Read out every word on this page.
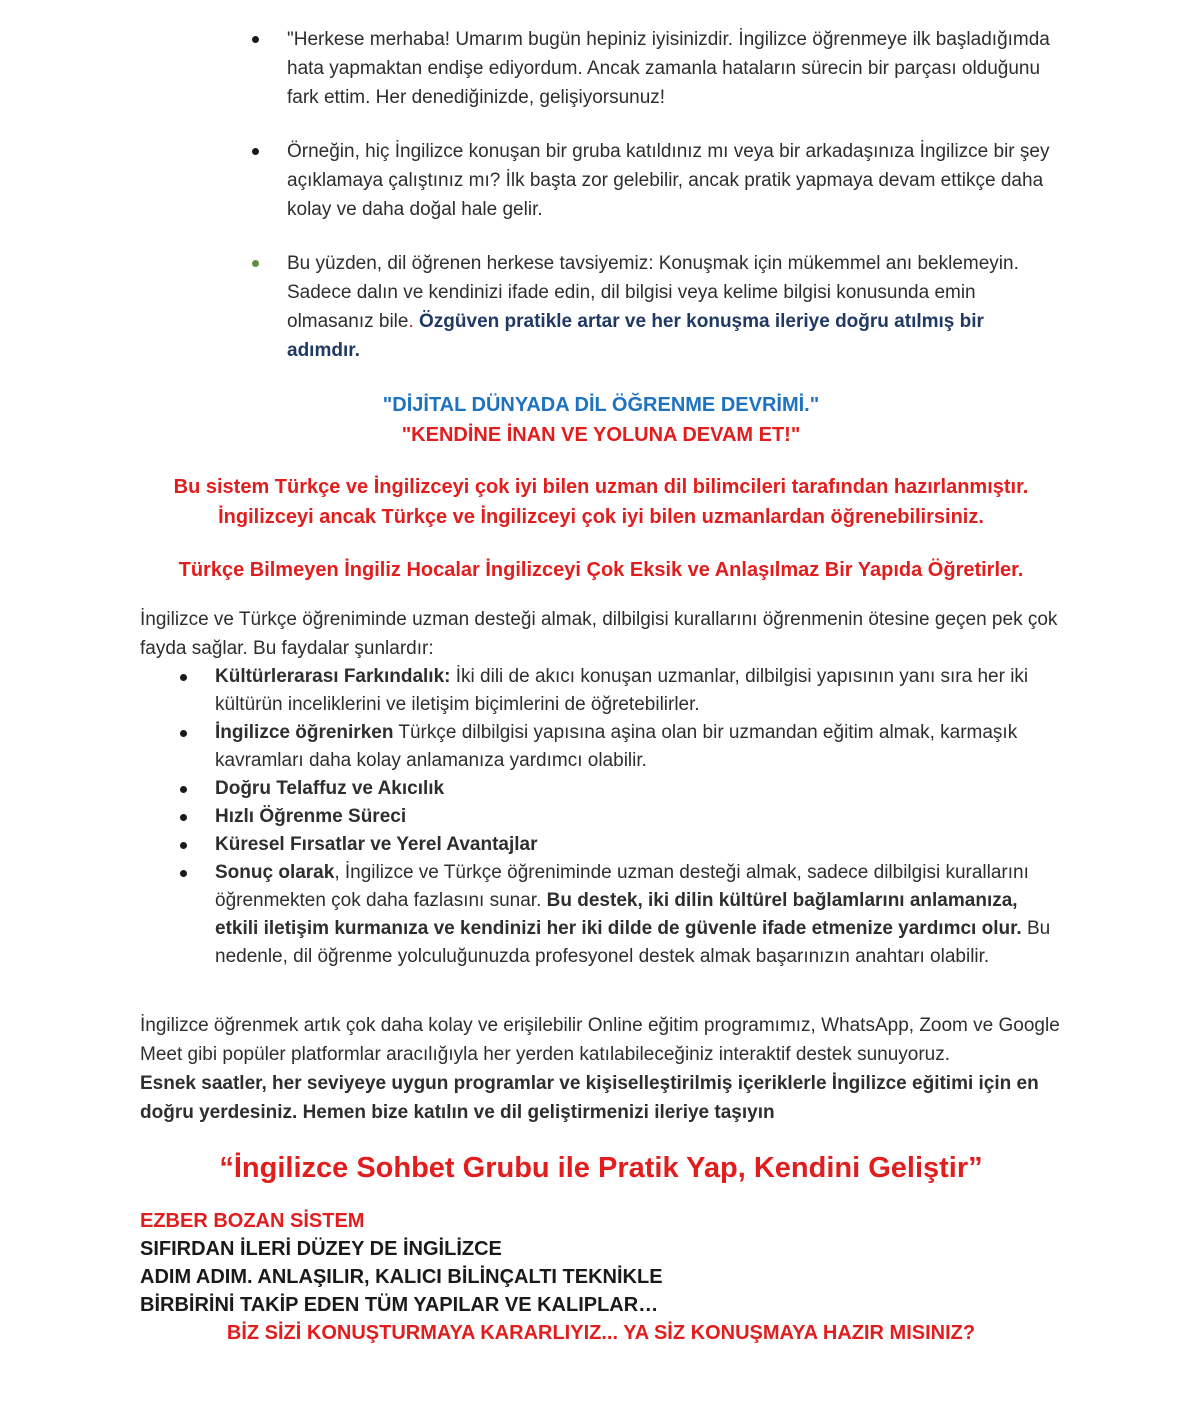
"Herkese merhaba! Umarım bugün hepiniz iyisinizdir. İngilizce öğrenmeye ilk başladığımda hata yapmaktan endişe ediyordum. Ancak zamanla hataların sürecin bir parçası olduğunu fark ettim. Her denediğinizde, gelişiyorsunuz!
Örneğin, hiç İngilizce konuşan bir gruba katıldınız mı veya bir arkadaşınıza İngilizce bir şey açıklamaya çalıştınız mı? İlk başta zor gelebilir, ancak pratik yapmaya devam ettikçe daha kolay ve daha doğal hale gelir.
Bu yüzden, dil öğrenen herkese tavsiyemiz: Konuşmak için mükemmel anı beklemeyin. Sadece dalın ve kendinizi ifade edin, dil bilgisi veya kelime bilgisi konusunda emin olmasanız bile. Özgüven pratikle artar ve her konuşma ileriye doğru atılmış bir adımdır.
"DİJİTAL DÜNYADA DİL ÖĞRENME DEVRİMİ."
"KENDİNE İNAN VE YOLUNA DEVAM ET!"
Bu sistem Türkçe ve İngilizceyi çok iyi bilen uzman dil bilimcileri tarafından hazırlanmıştır.
İngilizceyi ancak Türkçe ve İngilizceyi çok iyi bilen uzmanlardan öğrenebilirsiniz.
Türkçe Bilmeyen İngiliz Hocalar İngilizceyi Çok Eksik ve Anlaşılmaz Bir Yapıda Öğretirler.
İngilizce ve Türkçe öğreniminde uzman desteği almak, dilbilgisi kurallarını öğrenmenin ötesine geçen pek çok fayda sağlar. Bu faydalar şunlardır:
Kültürlerarası Farkındalık: İki dili de akıcı konuşan uzmanlar, dilbilgisi yapısının yanı sıra her iki kültürün inceliklerini ve iletişim biçimlerini de öğretebilirler.
İngilizce öğrenirken Türkçe dilbilgisi yapısına aşina olan bir uzmandan eğitim almak, karmaşık kavramları daha kolay anlamanıza yardımcı olabilir.
Doğru Telaffuz ve Akıcılık
Hızlı Öğrenme Süreci
Küresel Fırsatlar ve Yerel Avantajlar
Sonuç olarak, İngilizce ve Türkçe öğreniminde uzman desteği almak, sadece dilbilgisi kurallarını öğrenmekten çok daha fazlasını sunar. Bu destek, iki dilin kültürel bağlamlarını anlamanıza, etkili iletişim kurmanıza ve kendinizi her iki dilde de güvenle ifade etmenize yardımcı olur. Bu nedenle, dil öğrenme yolculuğunuzda profesyonel destek almak başarınızın anahtarı olabilir.
İngilizce öğrenmek artık çok daha kolay ve erişilebilir Online eğitim programımız, WhatsApp, Zoom ve Google Meet gibi popüler platformlar aracılığıyla her yerden katılabileceğiniz interaktif destek sunuyoruz.
Esnek saatler, her seviyeye uygun programlar ve kişiselleştirilmiş içeriklerle İngilizce eğitimi için en doğru yerdesiniz. Hemen bize katılın ve dil geliştirmenizi ileriye taşıyın
“İngilizce Sohbet Grubu ile Pratik Yap, Kendini Geliştir”
EZBER BOZAN SİSTEM
SIFIRDAN İLERİ DÜZEY DE İNGİLİZCE
ADIM ADIM. ANLAŞILIR, KALICI BİLİNÇALTI TEKNİKLE
BİRBİRİNİ TAKİP EDEN TÜM YAPILAR VE KALIPLAR…
BİZ SİZİ KONUŞTURMAYA KARARLIYIZ... YA SİZ KONUŞMAYA HAZIR MISINIZ?
